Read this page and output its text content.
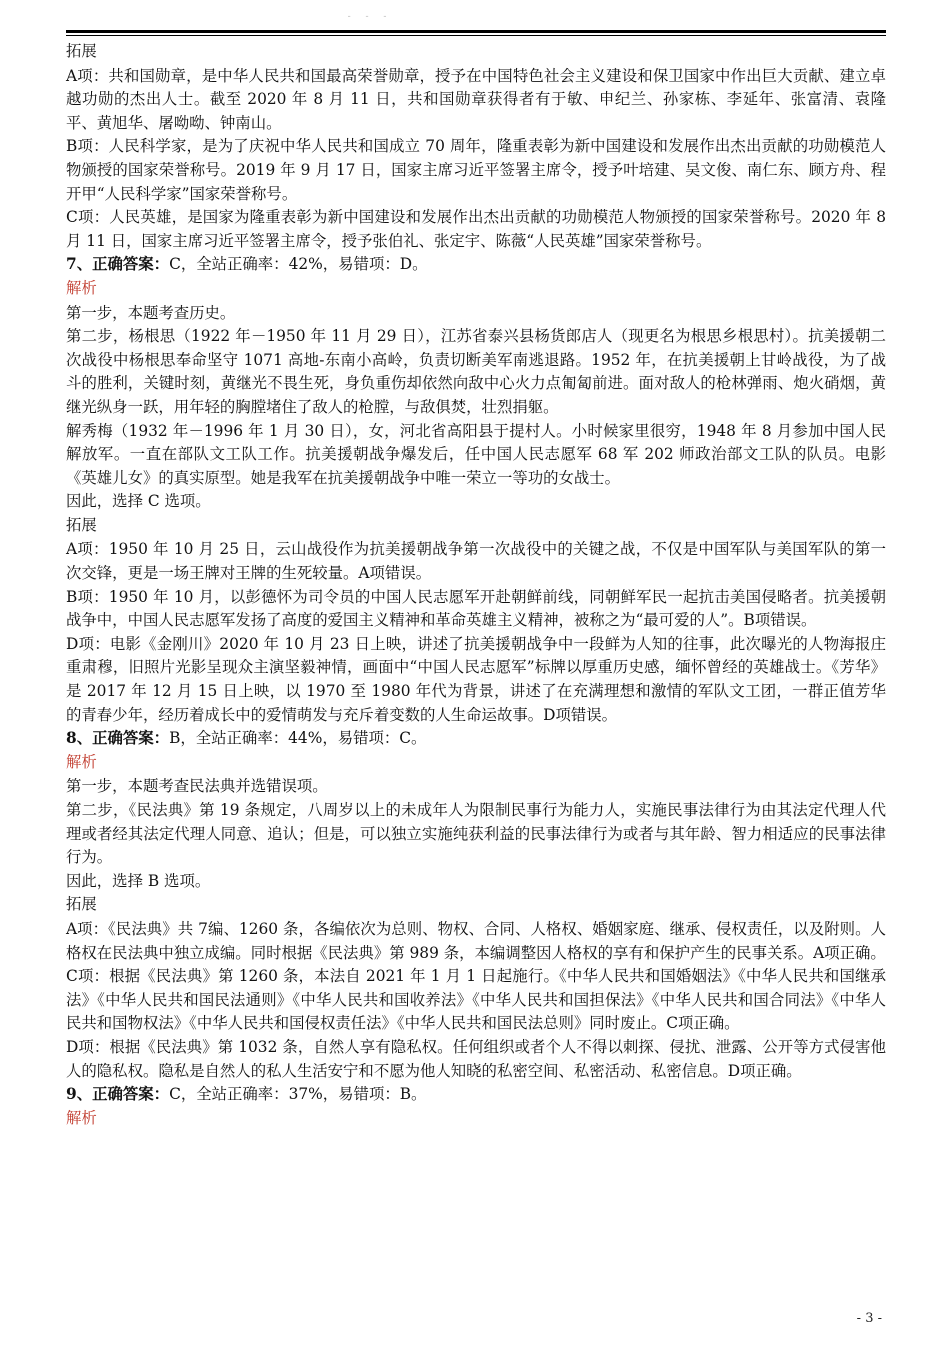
- - -

拓展

A项：共和国勋章，是中华人民共和国最高荣誉勋章，授予在中国特色社会主义建设和保卫国家中作出巨大贡献、建立卓越功勋的杰出人士。截至 2020 年 8 月 11 日，共和国勋章获得者有于敏、申纪兰、孙家栋、李延年、张富清、袁隆平、黄旭华、屠呦呦、钟南山。

B项：人民科学家，是为了庆祝中华人民共和国成立 70 周年，隆重表彰为新中国建设和发展作出杰出贡献的功勋模范人物颁授的国家荣誉称号。2019 年 9 月 17 日，国家主席习近平签署主席令，授予叶培建、吴文俊、南仁东、顾方舟、程开甲“人民科学家”国家荣誉称号。

C项：人民英雄，是国家为隆重表彰为新中国建设和发展作出杰出贡献的功勋模范人物颁授的国家荣誉称号。2020 年 8 月 11 日，国家主席习近平签署主席令，授予张伯礼、张定宇、陈薇“人民英雄”国家荣誉称号。

7、正确答案：C，全站正确率：42%，易错项：D。

解析

第一步，本题考查历史。

第二步，杨根思（1922 年－1950 年 11 月 29 日），江苏省泰兴县杨货郎店人（现更名为根思乡根思村）。抗美援朝二次战役中杨根思奉命坚守 1071 高地-东南小高岭，负责切断美军南逃退路。1952 年，在抗美援朝上甘岭战役，为了战斗的胜利，关键时刻，黄继光不畏生死，身负重伤却依然向敌中心火力点匍匐前进。面对敌人的枪林弹雨、炮火硝烟，黄继光纵身一跃，用年轻的胸膛堵住了敌人的枪膛，与敌俱焚，壮烈捐躯。

解秀梅（1932 年－1996 年 1 月 30 日），女，河北省高阳县于提村人。小时候家里很穷，1948 年 8 月参加中国人民解放军。一直在部队文工队工作。抗美援朝战争爆发后，任中国人民志愿军 68 军 202 师政治部文工队的队员。电影《英雄儿女》的真实原型。她是我军在抗美援朝战争中唯一荣立一等功的女战士。

因此，选择 C 选项。

拓展

A项：1950 年 10 月 25 日，云山战役作为抗美援朝战争第一次战役中的关键之战，不仅是中国军队与美国军队的第一次交锋，更是一场王牌对王牌的生死较量。A项错误。

B项：1950 年 10 月，以彭德怀为司令员的中国人民志愿军开赴朝鲜前线，同朝鲜军民一起抗击美国侵略者。抗美援朝战争中，中国人民志愿军发扬了高度的爱国主义精神和革命英雄主义精神，被称之为“最可爱的人”。B项错误。

D项：电影《金刚川》2020 年 10 月 23 日上映，讲述了抗美援朝战争中一段鲜为人知的往事，此次曝光的人物海报庄重肃穆，旧照片光影呈现众主演坚毅神情，画面中“中国人民志愿军”标牌以厚重历史感，缅怀曾经的英雄战士。《芳华》是 2017 年 12 月 15 日上映，以 1970 至 1980 年代为背景，讲述了在充满理想和激情的军队文工团，一群正值芳华的青春少年，经历着成长中的爱情萌发与充斥着变数的人生命运故事。D项错误。

8、正确答案：B，全站正确率：44%，易错项：C。

解析

第一步，本题考查民法典并选错误项。

第二步，《民法典》第 19 条规定，八周岁以上的未成年人为限制民事行为能力人，实施民事法律行为由其法定代理人代理或者经其法定代理人同意、追认；但是，可以独立实施纯获利益的民事法律行为或者与其年龄、智力相适应的民事法律行为。

因此，选择 B 选项。

拓展

A项：《民法典》共 7编、1260 条，各编依次为总则、物权、合同、人格权、婚姻家庭、继承、侵权责任，以及附则。人格权在民法典中独立成编。同时根据《民法典》第 989 条，本编调整因人格权的享有和保护产生的民事关系。A项正确。

C项：根据《民法典》第 1260 条，本法自 2021 年 1 月 1 日起施行。《中华人民共和国婚姻法》《中华人民共和国继承法》《中华人民共和国民法通则》《中华人民共和国收养法》《中华人民共和国担保法》《中华人民共和国合同法》《中华人民共和国物权法》《中华人民共和国侵权责任法》《中华人民共和国民法总则》同时废止。C项正确。

D项：根据《民法典》第 1032 条，自然人享有隐私权。任何组织或者个人不得以刺探、侵扰、泄露、公开等方式侵害他人的隐私权。隐私是自然人的私人生活安宁和不愿为他人知晓的私密空间、私密活动、私密信息。D项正确。

9、正确答案：C，全站正确率：37%，易错项：B。

解析

- 3 -
